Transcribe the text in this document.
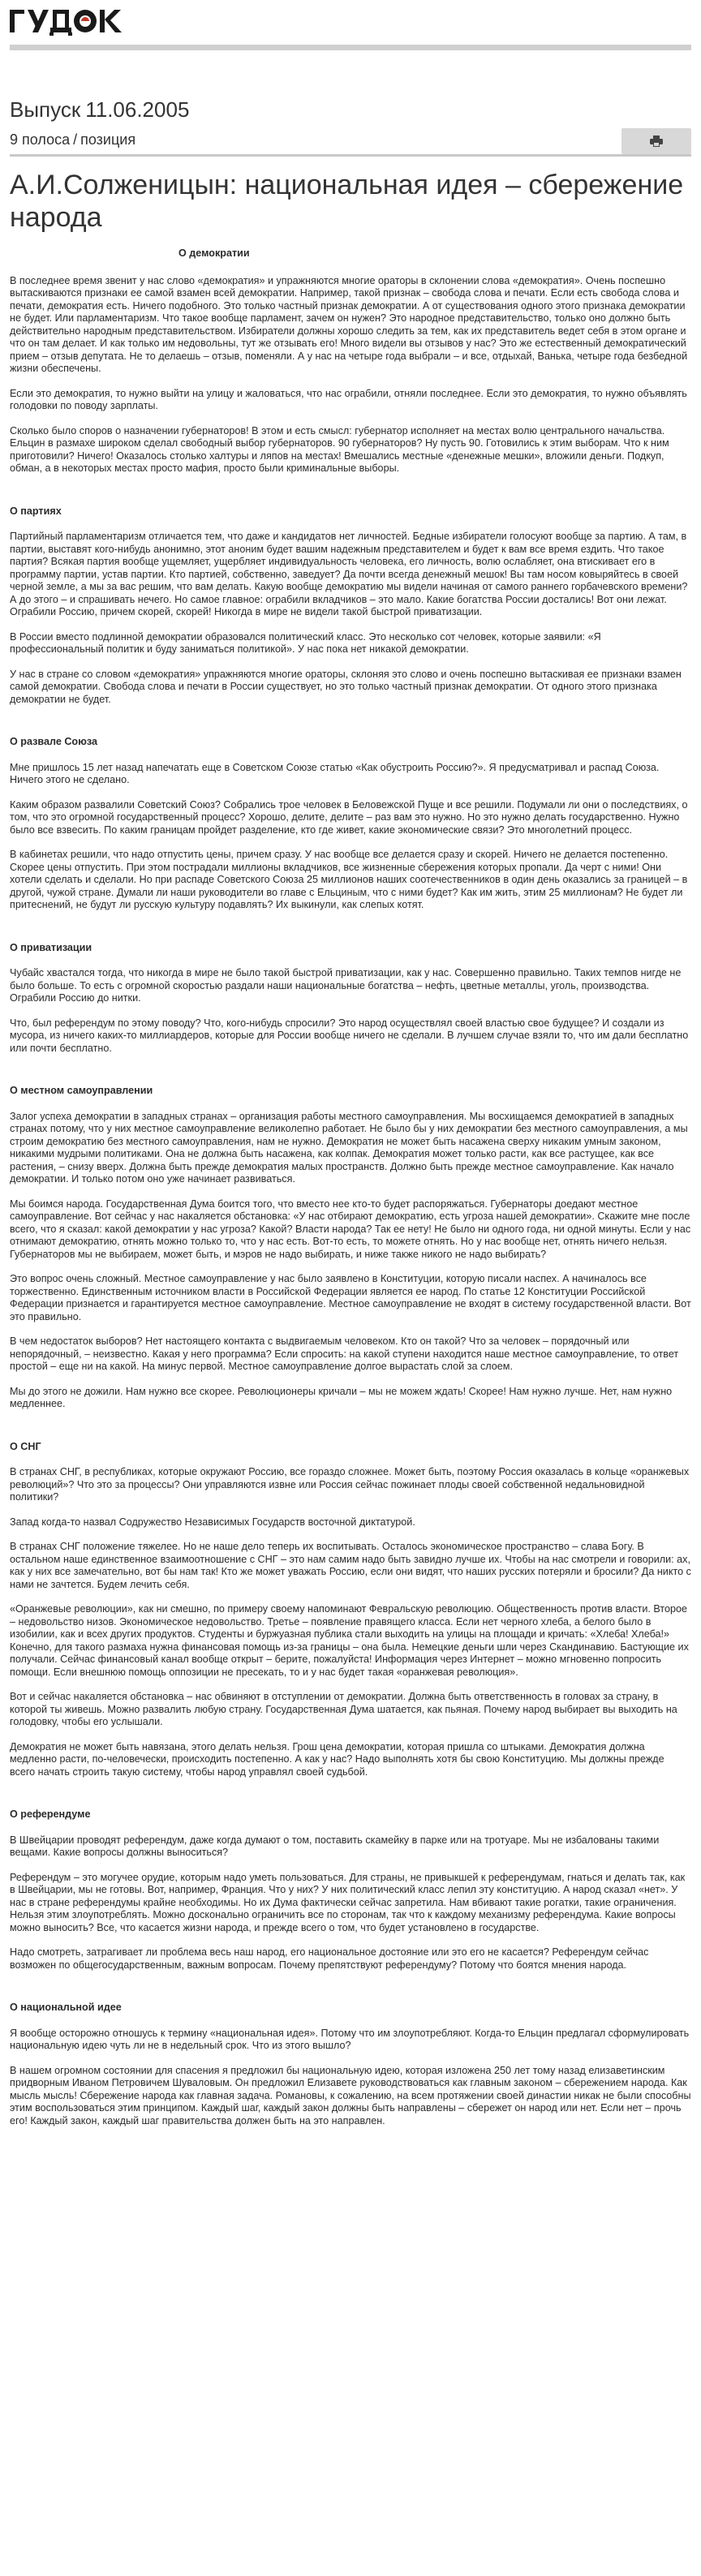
Выпуск 11.06.2005
9 полоса / позиция
А.И.Солженицын: национальная идея – сбережение народа
О демократии

В последнее время звенит у нас слово «демократия» и упражняются многие ораторы в склонении слова «демократия». Очень поспешно вытаскиваются признаки ее самой взамен всей демократии. Например, такой признак – свобода слова и печати. Если есть свобода слова и печати, демократия есть. Ничего подобного. Это только частный признак демократии. А от существования одного этого признака демократии не будет. Или парламентаризм. Что такое вообще парламент, зачем он нужен? Это народное представительство, только оно должно быть действительно народным представительством. Избиратели должны хорошо следить за тем, как их представитель ведет себя в этом органе и что он там делает. И как только им недовольны, тут же отзывать его! Много видели вы отзывов у нас? Это же естественный демократический прием – отзыв депутата. Не то делаешь – отзыв, поменяли. А у нас на четыре года выбрали – и все, отдыхай, Ванька, четыре года безбедной жизни обеспечены.

Если это демократия, то нужно выйти на улицу и жаловаться, что нас ограбили, отняли последнее. Если это демократия, то нужно объявлять голодовки по поводу зарплаты.

Сколько было споров о назначении губернаторов! В этом и есть смысл: губернатор исполняет на местах волю центрального начальства. Ельцин в размахе широком сделал свободный выбор губернаторов. 90 губернаторов? Ну пусть 90. Готовились к этим выборам. Что к ним приготовили? Ничего! Оказалось столько халтуры и ляпов на местах! Вмешались местные «денежные мешки», вложили деньги. Подкуп, обман, а в некоторых местах просто мафия, просто были криминальные выборы.

О партиях

Партийный парламентаризм отличается тем, что даже и кандидатов нет личностей. Бедные избиратели голосуют вообще за партию. А там, в партии, выставят кого-нибудь анонимно, этот аноним будет вашим надежным представителем и будет к вам все время ездить. Что такое партия? Всякая партия вообще ущемляет, ущербляет индивидуальность человека, его личность, волю ослабляет, она втискивает его в программу партии, устав партии. Кто партией, собственно, заведует? Да почти всегда денежный мешок! Вы там носом ковыряйтесь в своей черной земле, а мы за вас решим, что вам делать. Какую вообще демократию мы видели начиная от самого раннего горбачевского времени? А до этого – и спрашивать нечего. Но самое главное: ограбили вкладчиков – это мало. Какие богатства России достались! Вот они лежат. Ограбили Россию, причем скорей, скорей! Никогда в мире не видели такой быстрой приватизации.

В России вместо подлинной демократии образовался политический класс. Это несколько сот человек, которые заявили: «Я профессиональный политик и буду заниматься политикой». У нас пока нет никакой демократии.

У нас в стране со словом «демократия» упражняются многие ораторы, склоняя это слово и очень поспешно вытаскивая ее признаки взамен самой демократии. Свобода слова и печати в России существует, но это только частный признак демократии. От одного этого признака демократии не будет.

О развале Союза

Мне пришлось 15 лет назад напечатать еще в Советском Союзе статью «Как обустроить Россию?». Я предусматривал и распад Союза. Ничего этого не сделано.

Каким образом развалили Советский Союз? Собрались трое человек в Беловежской Пуще и все решили. Подумали ли они о последствиях, о том, что это огромной государственный процесс? Хорошо, делите, делите – раз вам это нужно. Но это нужно делать государственно. Нужно было все взвесить. По каким границам пройдет разделение, кто где живет, какие экономические связи? Это многолетний процесс.

В кабинетах решили, что надо отпустить цены, причем сразу. У нас вообще все делается сразу и скорей. Ничего не делается постепенно. Скорее цены отпустить. При этом пострадали миллионы вкладчиков, все жизненные сбережения которых пропали. Да черт с ними! Они хотели сделать и сделали. Но при распаде Советского Союза 25 миллионов наших соотечественников в один день оказались за границей – в другой, чужой стране. Думали ли наши руководители во главе с Ельциным, что с ними будет? Как им жить, этим 25 миллионам? Не будет ли притеснений, не будут ли русскую культуру подавлять? Их выкинули, как слепых котят.

О приватизации

Чубайс хвастался тогда, что никогда в мире не было такой быстрой приватизации, как у нас. Совершенно правильно. Таких темпов нигде не было больше. То есть с огромной скоростью раздали наши национальные богатства – нефть, цветные металлы, уголь, производства. Ограбили Россию до нитки.

Что, был референдум по этому поводу? Что, кого-нибудь спросили? Это народ осуществлял своей властью свое будущее? И создали из мусора, из ничего каких-то миллиардеров, которые для России вообще ничего не сделали. В лучшем случае взяли то, что им дали бесплатно или почти бесплатно.

О местном самоуправлении

Залог успеха демократии в западных странах – организация работы местного самоуправления. Мы восхищаемся демократией в западных странах потому, что у них местное самоуправление великолепно работает. Не было бы у них демократии без местного самоуправления, а мы строим демократию без местного самоуправления, нам не нужно. Демократия не может быть насажена сверху никаким умным законом, никакими мудрыми политиками. Она не должна быть насажена, как колпак. Демократия может только расти, как все растущее, как все растения, – снизу вверх. Должна быть прежде демократия малых пространств. Должно быть прежде местное самоуправление. Как начало демократии. И только потом оно уже начинает развиваться.

Мы боимся народа. Государственная Дума боится того, что вместо нее кто-то будет распоряжаться. Губернаторы доедают местное самоуправление. Вот сейчас у нас накаляется обстановка: «У нас отбирают демократию, есть угроза нашей демократии». Скажите мне после всего, что я сказал: какой демократии у нас угроза? Какой? Власти народа? Так ее нету! Не было ни одного года, ни одной минуты. Если у нас отнимают демократию, отнять можно только то, что у нас есть. Вот-то есть, то можете отнять. Но у нас вообще нет, отнять ничего нельзя. Губернаторов мы не выбираем, может быть, и мэров не надо выбирать, и ниже также никого не надо выбирать?

Это вопрос очень сложный. Местное самоуправление у нас было заявлено в Конституции, которую писали наспех. А начиналось все торжественно. Единственным источником власти в Российской Федерации является ее народ. По статье 12 Конституции Российской Федерации признается и гарантируется местное самоуправление. Местное самоуправление не входят в систему государственной власти. Вот это правильно.

В чем недостаток выборов? Нет настоящего контакта с выдвигаемым человеком. Кто он такой? Что за человек – порядочный или непорядочный, – неизвестно. Какая у него программа? Если спросить: на какой ступени находится наше местное самоуправление, то ответ простой – еще ни на какой. На минус первой. Местное самоуправление долгое вырастать слой за слоем.

Мы до этого не дожили. Нам нужно все скорее. Революционеры кричали – мы не можем ждать! Скорее! Нам нужно лучше. Нет, нам нужно медленнее.

О СНГ

В странах СНГ, в республиках, которые окружают Россию, все гораздо сложнее. Может быть, поэтому Россия оказалась в кольце «оранжевых революций»? Что это за процессы? Они управляются извне или Россия сейчас пожинает плоды своей собственной недальновидной политики?

Запад когда-то назвал Содружество Независимых Государств восточной диктатурой.

В странах СНГ положение тяжелее. Но не наше дело теперь их воспитывать. Осталось экономическое пространство – слава Богу. В остальном наше единственное взаимоотношение с СНГ – это нам самим надо быть завидно лучше их. Чтобы на нас смотрели и говорили: ах, как у них все замечательно, вот бы нам так! Кто же может уважать Россию, если они видят, что наших русских потеряли и бросили? Да никто с нами не зачтется. Будем лечить себя.

«Оранжевые революции», как ни смешно, по примеру своему напоминают Февральскую революцию. Общественность против власти. Второе – недовольство низов. Экономическое недовольство. Третье – появление правящего класса. Если нет черного хлеба, а белого было в изобилии, как и всех других продуктов. Студенты и буржуазная публика стали выходить на улицы на площади и кричать: «Хлеба! Хлеба!» Конечно, для такого размаха нужна финансовая помощь из-за границы – она была. Немецкие деньги шли через Скандинавию. Бастующие их получали. Сейчас финансовый канал вообще открыт – берите, пожалуйста! Информация через Интернет – можно мгновенно попросить помощи. Если внешнюю помощь оппозиции не пресекать, то и у нас будет такая «оранжевая революция».

Вот и сейчас накаляется обстановка – нас обвиняют в отступлении от демократии. Должна быть ответственность в головах за страну, в которой ты живешь. Можно развалить любую страну. Государственная Дума шатается, как пьяная. Почему народ выбирает вы выходить на голодовку, чтобы его услышали.

Демократия не может быть навязана, этого делать нельзя. Грош цена демократии, которая пришла со штыками. Демократия должна медленно расти, по-человечески, происходить постепенно. А как у нас? Надо выполнять хотя бы свою Конституцию. Мы должны прежде всего начать строить такую систему, чтобы народ управлял своей судьбой.

О референдуме

В Швейцарии проводят референдум, даже когда думают о том, поставить скамейку в парке или на тротуаре. Мы не избалованы такими вещами. Какие вопросы должны выноситься?

Референдум – это могучее орудие, которым надо уметь пользоваться. Для страны, не привыкшей к референдумам, гнаться и делать так, как в Швейцарии, мы не готовы. Вот, например, Франция. Что у них? У них политический класс лепил эту конституцию. А народ сказал «нет». У нас в стране референдумы крайне необходимы. Но их Дума фактически сейчас запретила. Нам вбивают такие рогатки, такие ограничения. Нельзя этим злоупотреблять. Можно досконально ограничить все по сторонам, так что к каждому механизму референдума. Какие вопросы можно выносить? Все, что касается жизни народа, и прежде всего о том, что будет установлено в государстве.

Надо смотреть, затрагивает ли проблема весь наш народ, его национальное достояние или это его не касается? Референдум сейчас возможен по общегосударственным, важным вопросам. Почему препятствуют референдуму? Потому что боятся мнения народа.

О национальной идее

Я вообще осторожно отношусь к термину «национальная идея». Потому что им злоупотребляют. Когда-то Ельцин предлагал сформулировать национальную идею чуть ли не в недельный срок. Что из этого вышло?

В нашем огромном состоянии для спасения я предложил бы национальную идею, которая изложена 250 лет тому назад елизаветинским придворным Иваном Петровичем Шуваловым. Он предложил Елизавете руководствоваться как главным законом – сбережением народа. Как мысль мысль! Сбережение народа как главная задача. Романовы, к сожалению, на всем протяжении своей династии никак не были способны этим воспользоваться этим принципом. Каждый шаг, каждый закон должны быть направлены – сбережет он народ или нет. Если нет – прочь его! Каждый закон, каждый шаг правительства должен быть на это направлен.
